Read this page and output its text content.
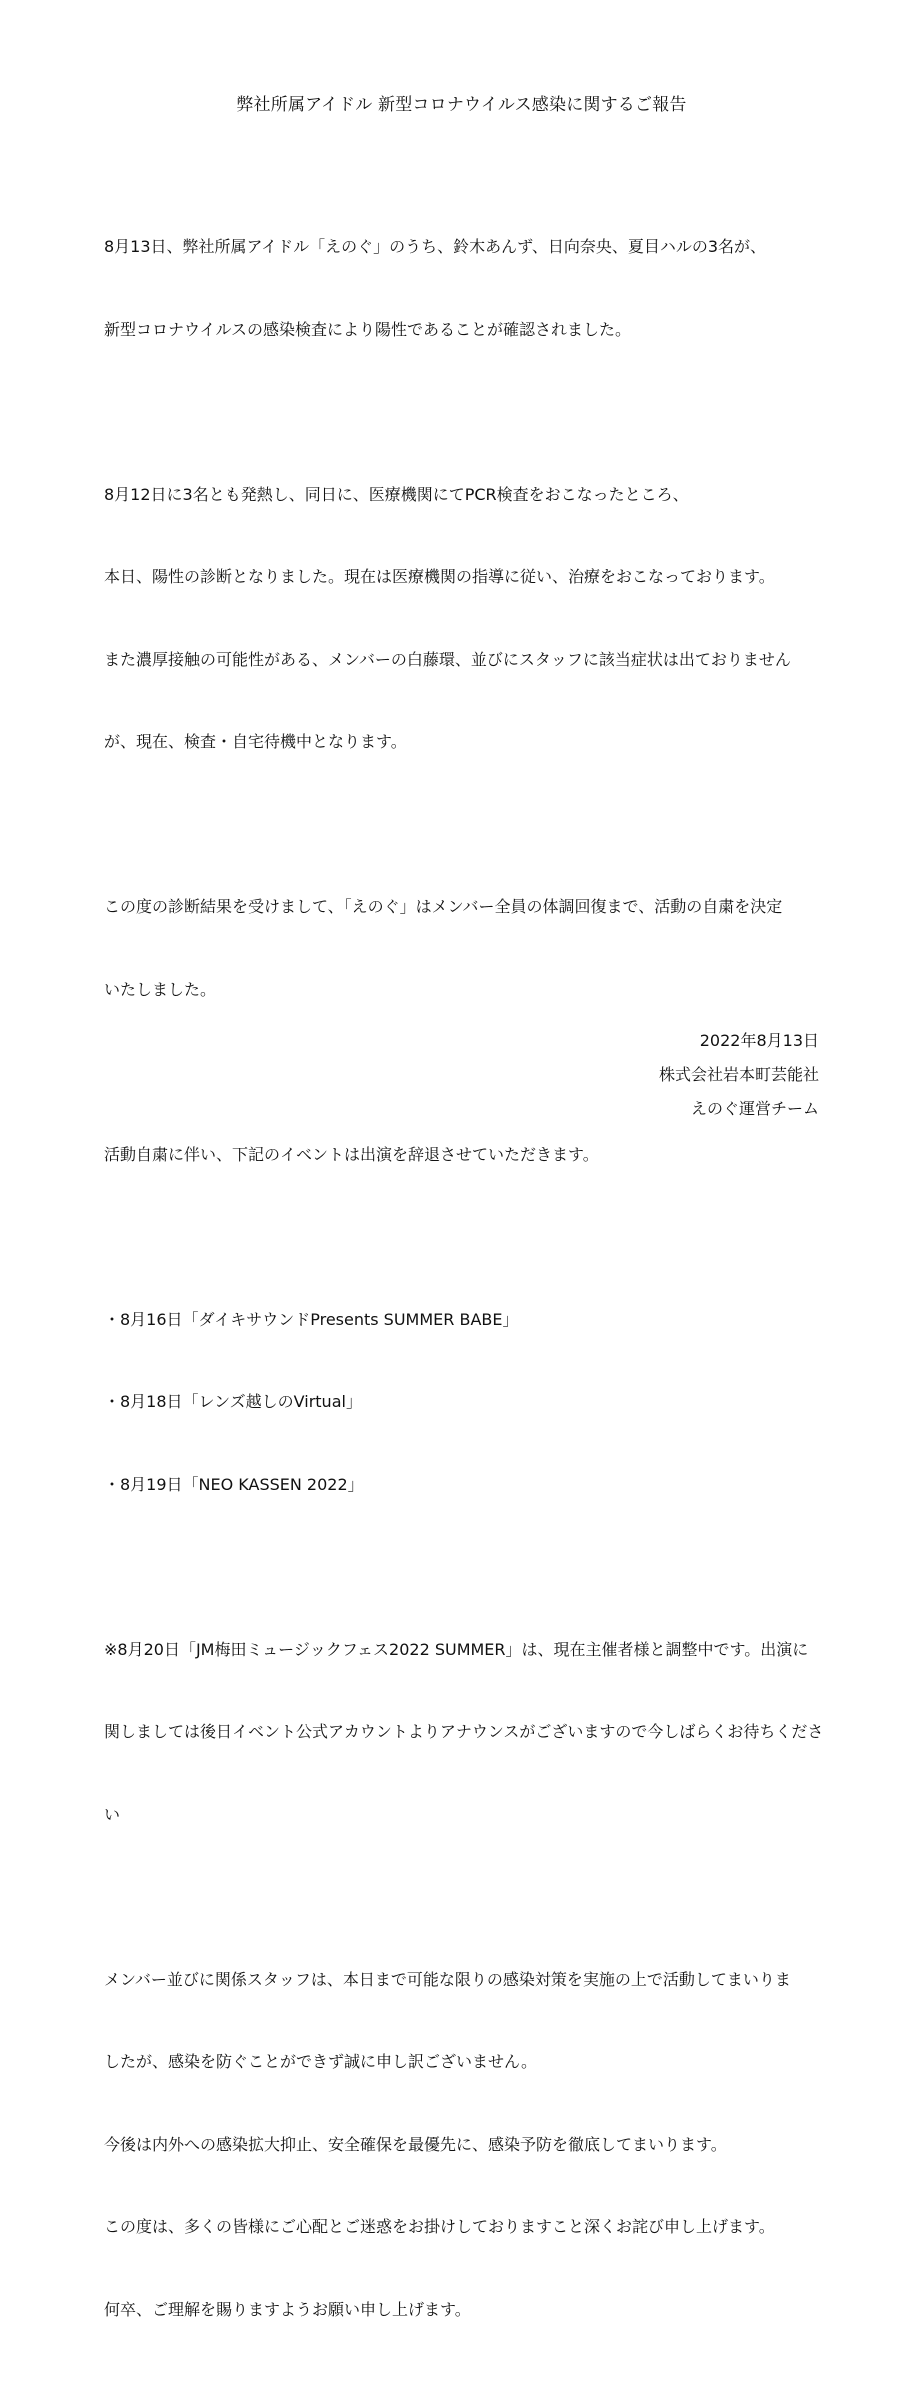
弊社所属アイドル 新型コロナウイルス感染に関するご報告

8月13日、弊社所属アイドル「えのぐ」のうち、鈴木あんず、日向奈央、夏目ハルの3名が、

新型コロナウイルスの感染検査により陽性であることが確認されました。

8月12日に3名とも発熱し、同日に、医療機関にてPCR検査をおこなったところ、

本日、陽性の診断となりました。現在は医療機関の指導に従い、治療をおこなっております。

また濃厚接触の可能性がある、メンバーの白藤環、並びにスタッフに該当症状は出ておりません

が、現在、検査・自宅待機中となります。

この度の診断結果を受けまして、「えのぐ」はメンバー全員の体調回復まで、活動の自粛を決定

いたしました。

活動自粛に伴い、下記のイベントは出演を辞退させていただきます。

・8月16日「ダイキサウンドPresents SUMMER BABE」

・8月18日「レンズ越しのVirtual」

・8月19日「NEO KASSEN 2022」

※8月20日「JM梅田ミュージックフェス2022 SUMMER」は、現在主催者様と調整中です。出演に

関しましては後日イベント公式アカウントよりアナウンスがございますので今しばらくお待ちくださ

い

メンバー並びに関係スタッフは、本日まで可能な限りの感染対策を実施の上で活動してまいりま

したが、感染を防ぐことができず誠に申し訳ございません。

今後は内外への感染拡大抑止、安全確保を最優先に、感染予防を徹底してまいります。

この度は、多くの皆様にご心配とご迷惑をお掛けしておりますこと深くお詫び申し上げます。

何卒、ご理解を賜りますようお願い申し上げます。

2022年8月13日
株式会社岩本町芸能社
えのぐ運営チーム
